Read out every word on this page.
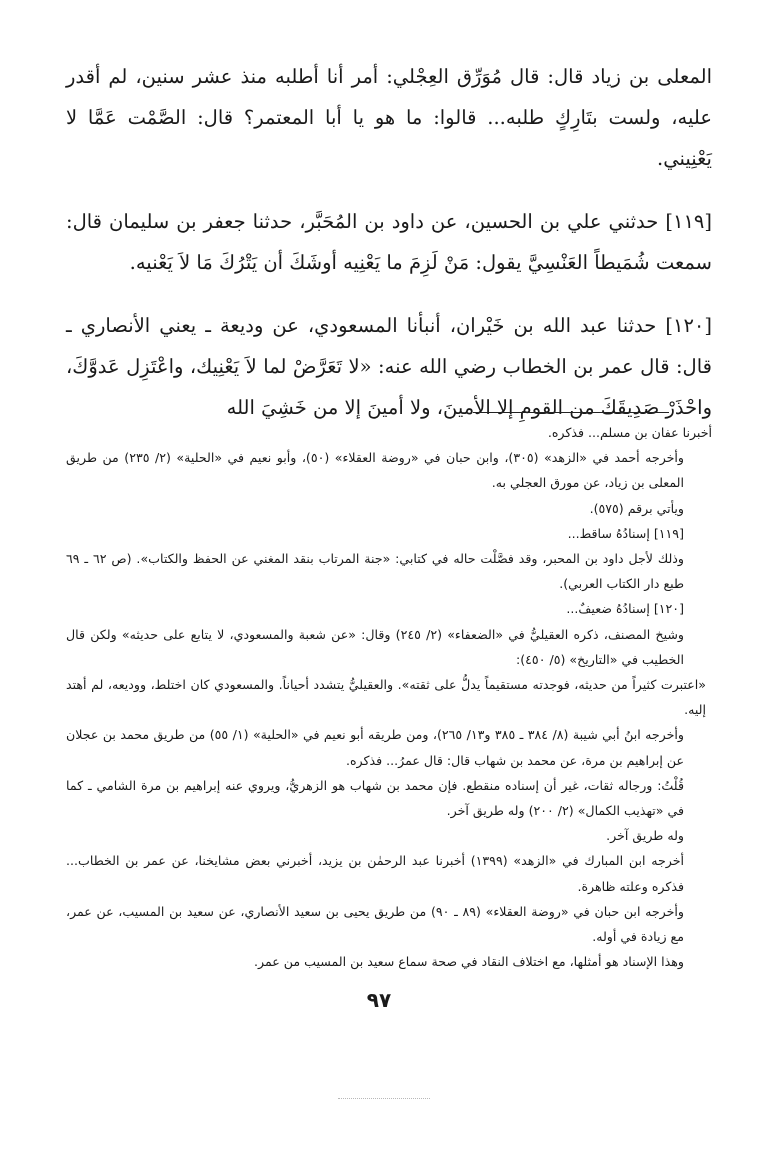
المعلى بن زياد قال: قال مُوَرِّق العِجْلي: أمر أنا أطلبه منذ عشر سنين، لم أقدر عليه، ولست بتَارِكٍ طلبه... قالوا: ما هو يا أبا المعتمر؟ قال: الصَّمْت عَمَّا لا يَعْنِيني.

[١١٩] حدثني علي بن الحسين، عن داود بن المُحَبَّر، حدثنا جعفر بن سليمان قال: سمعت شُمَيطاً العَنْسِيَّ يقول: مَنْ لَزِمَ ما يَعْنِيه أوشَكَ أن يَتْرُكَ مَا لاَ يَعْنيه.

[١٢٠] حدثنا عبد الله بن خَيْران، أنبأنا المسعودي، عن وديعة ـ يعني الأنصاري ـ قال: قال عمر بن الخطاب رضي الله عنه: «لا تَعَرَّضْ لما لاَ يَعْنِيك، واعْتَزِل عَدوَّكَ، واحْذَرْ صَدِيقَكَ من القومِ إلا الأمينَ، ولا أمينَ إلا من خَشِيَ الله

أخبرنا عفان بن مسلم... فذكره.
وأخرجه أحمد في «الزهد» (٣٠٥)، وابن حبان في «روضة العقلاء» (٥٠)، وأبو نعيم في «الحلية» (٢/ ٢٣٥) من طريق المعلى بن زياد، عن مورق العجلي به.
ويأتي برقم (٥٧٥).
[١١٩] إسنادُهُ ساقط...
وذلك لأجل داود بن المحبر، وقد فصَّلْت حاله في كتابي: «جنة المرتاب بنقد المغني عن الحفظ والكتاب». (ص ٦٢ ـ ٦٩ طبع دار الكتاب العربي).
[١٢٠] إسنادُهُ ضعيفٌ...
وشيخ المصنف، ذكره العقيليُّ في «الضعفاء» (٢/ ٢٤٥) وقال: «عن شعبة والمسعودي، لا يتابع على حديثه» ولكن قال الخطيب في «التاريخ» (٥/ ٤٥٠):
«اعتبرت كثيراً من حديثه، فوجدته مستقيماً يدلُّ على ثقته». والعقيليُّ يتشدد أحياناً. والمسعودي كان اختلط، ووديعه، لم أهتد إليه.
وأخرجه ابنُ أبي شيبة (٨/ ٣٨٤ ـ ٣٨٥ و١٣/ ٢٦٥)، ومن طريقه أبو نعيم في «الحلية» (١/ ٥٥) من طريق محمد بن عجلان عن إبراهيم بن مرة، عن محمد بن شهاب قال: قال عمرُ... فذكره.
قُلْتُ: ورجاله ثقات، غير أن إسناده منقطع. فإن محمد بن شهاب هو الزهريُّ، ويروي عنه إبراهيم بن مرة الشامي ـ كما في «تهذيب الكمال» (٢/ ٢٠٠) وله طريق آخر.
وله طريق آخر.
أخرجه ابن المبارك في «الزهد» (١٣٩٩) أخبرنا عبد الرحمٰن بن يزيد، أخبرني بعض مشايخنا، عن عمر بن الخطاب... فذكره وعلته ظاهرة.
وأخرجه ابن حبان في «روضة العقلاء» (٨٩ ـ ٩٠) من طريق يحيى بن سعيد الأنصاري، عن سعيد بن المسيب، عن عمر، مع زيادة في أوله.
وهذا الإسناد هو أمثلها، مع اختلاف النقاد في صحة سماع سعيد بن المسيب من عمر.
٩٧
